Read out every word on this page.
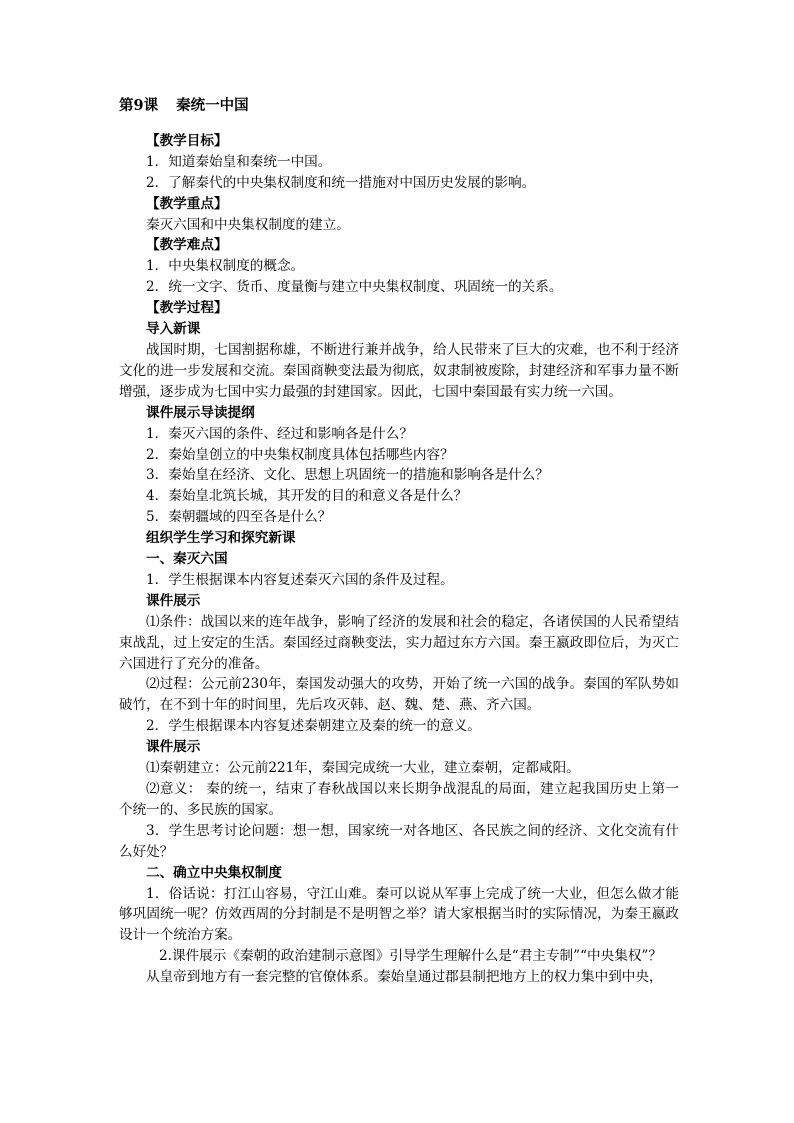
第9课 秦统一中国

【教学目标】

1．知道秦始皇和秦统一中国。

2．了解秦代的中央集权制度和统一措施对中国历史发展的影响。

【教学重点】

秦灭六国和中央集权制度的建立。

【教学难点】

1．中央集权制度的概念。

2．统一文字、货币、度量衡与建立中央集权制度、巩固统一的关系。

【教学过程】

导入新课

战国时期，七国割据称雄，不断进行兼并战争，给人民带来了巨大的灾难，也不利于经济文化的进一步发展和交流。秦国商鞅变法最为彻底，奴隶制被废除，封建经济和军事力量不断增强，逐步成为七国中实力最强的封建国家。因此，七国中秦国最有实力统一六国。

课件展示导读提纲

1．秦灭六国的条件、经过和影响各是什么？

2．秦始皇创立的中央集权制度具体包括哪些内容？

3．秦始皇在经济、文化、思想上巩固统一的措施和影响各是什么？

4．秦始皇北筑长城，其开发的目的和意义各是什么？

5．秦朝疆域的四至各是什么？

组织学生学习和探究新课

一、秦灭六国

1．学生根据课本内容复述秦灭六国的条件及过程。

课件展示

⑴条件：战国以来的连年战争，影响了经济的发展和社会的稳定，各诸侯国的人民希望结束战乱，过上安定的生活。秦国经过商鞅变法，实力超过东方六国。秦王嬴政即位后，为灭亡六国进行了充分的准备。

⑵过程：公元前230年，秦国发动强大的攻势，开始了统一六国的战争。秦国的军队势如破竹，在不到十年的时间里，先后攻灭韩、赵、魏、楚、燕、齐六国。

2．学生根据课本内容复述秦朝建立及秦的统一的意义。

课件展示

⑴秦朝建立：公元前221年，秦国完成统一大业，建立秦朝，定都咸阳。

⑵意义： 秦的统一，结束了春秋战国以来长期争战混乱的局面，建立起我国历史上第一个统一的、多民族的国家。

3．学生思考讨论问题：想一想，国家统一对各地区、各民族之间的经济、文化交流有什么好处？

二、确立中央集权制度

1．俗话说：打江山容易，守江山难。秦可以说从军事上完成了统一大业，但怎么做才能够巩固统一呢？仿效西周的分封制是不是明智之举？请大家根据当时的实际情况，为秦王嬴政设计一个统治方案。

2.课件展示《秦朝的政治建制示意图》引导学生理解什么是“君主专制”“中央集权”？

从皇帝到地方有一套完整的官僚体系。秦始皇通过郡县制把地方上的权力集中到中央，
